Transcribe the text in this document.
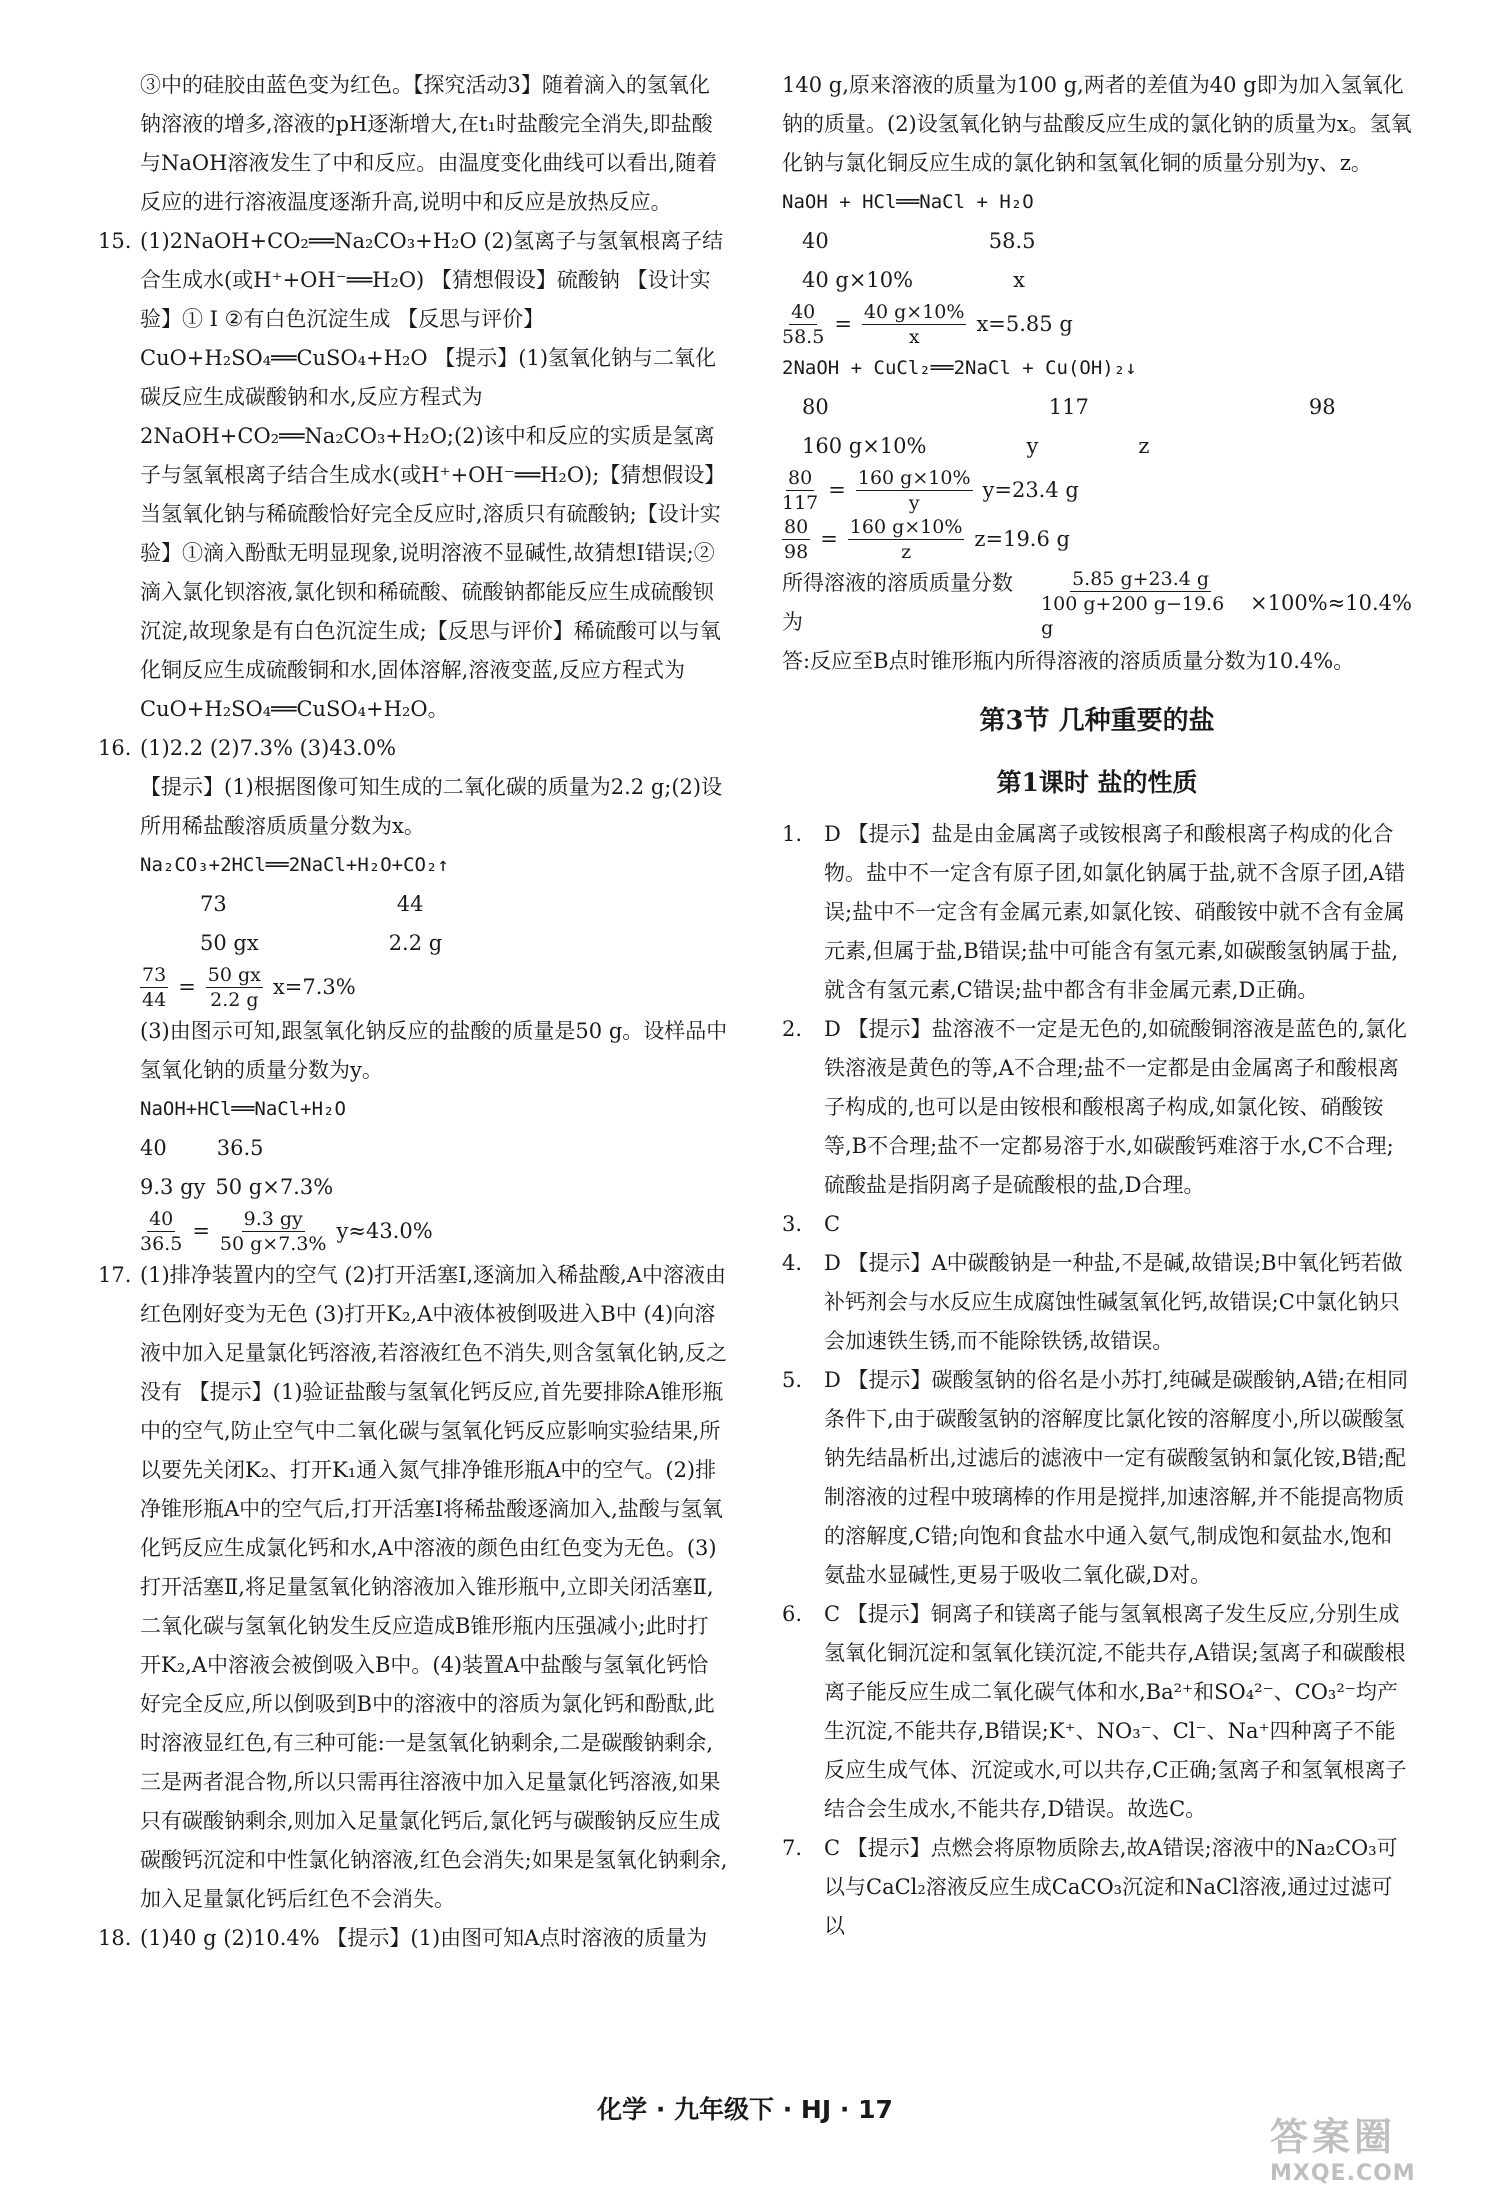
③中的硅胶由蓝色变为红色。【探究活动3】随着滴入的氢氧化钠溶液的增多,溶液的pH逐渐增大,在t₁时盐酸完全消失,即盐酸与NaOH溶液发生了中和反应。由温度变化曲线可以看出,随着反应的进行溶液温度逐渐升高,说明中和反应是放热反应。
15. (1)2NaOH+CO₂══Na₂CO₃+H₂O (2)氢离子与氢氧根离子结合生成水(或H⁺+OH⁻══H₂O) 【猜想假设】硫酸钠 【设计实验】① Ⅰ ②有白色沉淀生成 【反思与评价】CuO+H₂SO₄══CuSO₄+H₂O 【提示】(1)氢氧化钠与二氧化碳反应生成碳酸钠和水,反应方程式为2NaOH+CO₂══Na₂CO₃+H₂O;(2)该中和反应的实质是氢离子与氢氧根离子结合生成水(或H⁺+OH⁻══H₂O);【猜想假设】当氢氧化钠与稀硫酸恰好完全反应时,溶质只有硫酸钠;【设计实验】①滴入酚酞无明显现象,说明溶液不显碱性,故猜想Ⅰ错误;②滴入氯化钡溶液,氯化钡和稀硫酸、硫酸钠都能反应生成硫酸钡沉淀,故现象是有白色沉淀生成;【反思与评价】稀硫酸可以与氧化铜反应生成硫酸铜和水,固体溶解,溶液变蓝,反应方程式为CuO+H₂SO₄══CuSO₄+H₂O。
16. (1)2.2 (2)7.3% (3)43.0%
【提示】(1)根据图像可知生成的二氧化碳的质量为2.2 g;(2)设所用稀盐酸溶质质量分数为x。
Na₂CO₃+2HCl══2NaCl+H₂O+CO₂↑
73	44
50 gx	2.2 g
$\frac{73}{44} = \frac{50 gx}{2.2 g} x=7.3\%$
(3)由图示可知,跟氢氧化钠反应的盐酸的质量是50 g。设样品中氢氧化钠的质量分数为y。
NaOH+HCl══NaCl+H₂O
40 36.5
9.3 gy 50 g×7.3%
$\frac{40}{36.5} = \frac{9.3 gy}{50 g\times 7.3\%} y\approx 43.0\%$
17. (1)排净装置内的空气 (2)打开活塞Ⅰ,逐滴加入稀盐酸,A中溶液由红色刚好变为无色 (3)打开K₂,A中液体被倒吸进入B中 (4)向溶液中加入足量氯化钙溶液,若溶液红色不消失,则含氢氧化钠,反之没有 【提示】(1)验证盐酸与氢氧化钙反应,首先要排除A锥形瓶中的空气,防止空气中二氧化碳与氢氧化钙反应影响实验结果,所以要先关闭K₂、打开K₁通入氮气排净锥形瓶A中的空气。(2)排净锥形瓶A中的空气后,打开活塞Ⅰ将稀盐酸逐滴加入,盐酸与氢氧化钙反应生成氯化钙和水,A中溶液的颜色由红色变为无色。(3)打开活塞Ⅱ,将足量氢氧化钠溶液加入锥形瓶中,立即关闭活塞Ⅱ,二氧化碳与氢氧化钠发生反应造成B锥形瓶内压强减小;此时打开K₂,A中溶液会被倒吸入B中。(4)装置A中盐酸与氢氧化钙恰好完全反应,所以倒吸到B中的溶液中的溶质为氯化钙和酚酞,此时溶液显红色,有三种可能:一是氢氧化钠剩余,二是碳酸钠剩余,三是两者混合物,所以只需再往溶液中加入足量氯化钙溶液,如果只有碳酸钠剩余,则加入足量氯化钙后,氯化钙与碳酸钠反应生成碳酸钙沉淀和中性氯化钠溶液,红色会消失;如果是氢氧化钠剩余,加入足量氯化钙后红色不会消失。
18. (1)40 g (2)10.4% 【提示】(1)由图可知A点时溶液的质量为
140 g,原来溶液的质量为100 g,两者的差值为40 g即为加入氢氧化钠的质量。(2)设氢氧化钠与盐酸反应生成的氯化钠的质量为x。氢氧化钠与氯化铜反应生成的氯化钠和氢氧化铜的质量分别为y、z。
NaOH + HCl══NaCl + H₂O
40	58.5
40 g×10%	x
$\frac{40}{58.5} = \frac{40 g\times 10\%}{x} x=5.85$ g
2NaOH + CuCl₂══2NaCl + Cu(OH)₂↓
80	117	98
160 g×10%	y	z
$\frac{80}{117} = \frac{160 g\times 10\%}{y} y=23.4$ g
$\frac{80}{98} = \frac{160 g\times 10\%}{z} z=19.6$ g
所得溶液的溶质质量分数为	$\frac{5.85 g+23.4 g}{100 g+200 g-19.6 g} \times 100\%\approx 10.4\%$
答:反应至B点时锥形瓶内所得溶液的溶质质量分数为10.4%。
第3节 几种重要的盐
第1课时 盐的性质
1.	D 【提示】盐是由金属离子或铵根离子和酸根离子构成的化合物。盐中不一定含有原子团,如氯化钠属于盐,就不含原子团,A错误;盐中不一定含有金属元素,如氯化铵、硝酸铵中就不含有金属元素,但属于盐,B错误;盐中可能含有氢元素,如碳酸氢钠属于盐,就含有氢元素,C错误;盐中都含有非金属元素,D正确。
2.	D 【提示】盐溶液不一定是无色的,如硫酸铜溶液是蓝色的,氯化铁溶液是黄色的等,A不合理;盐不一定都是由金属离子和酸根离子构成的,也可以是由铵根和酸根离子构成,如氯化铵、硝酸铵等,B不合理;盐不一定都易溶于水,如碳酸钙难溶于水,C不合理;硫酸盐是指阴离子是硫酸根的盐,D合理。
3.	C
4.	D 【提示】A中碳酸钠是一种盐,不是碱,故错误;B中氧化钙若做补钙剂会与水反应生成腐蚀性碱氢氧化钙,故错误;C中氯化钠只会加速铁生锈,而不能除铁锈,故错误。
5.	D 【提示】碳酸氢钠的俗名是小苏打,纯碱是碳酸钠,A错;在相同条件下,由于碳酸氢钠的溶解度比氯化铵的溶解度小,所以碳酸氢钠先结晶析出,过滤后的滤液中一定有碳酸氢钠和氯化铵,B错;配制溶液的过程中玻璃棒的作用是搅拌,加速溶解,并不能提高物质的溶解度,C错;向饱和食盐水中通入氨气,制成饱和氨盐水,饱和氨盐水显碱性,更易于吸收二氧化碳,D对。
6.	C 【提示】铜离子和镁离子能与氢氧根离子发生反应,分别生成氢氧化铜沉淀和氢氧化镁沉淀,不能共存,A错误;氢离子和碳酸根离子能反应生成二氧化碳气体和水,Ba²⁺和SO₄²⁻、CO₃²⁻均产生沉淀,不能共存,B错误;K⁺、NO₃⁻、Cl⁻、Na⁺四种离子不能反应生成气体、沉淀或水,可以共存,C正确;氢离子和氢氧根离子结合会生成水,不能共存,D错误。故选C。
7.	C 【提示】点燃会将原物质除去,故A错误;溶液中的Na₂CO₃可以与CaCl₂溶液反应生成CaCO₃沉淀和NaCl溶液,通过过滤可以
化学 · 九年级下 · HJ · 17
答案圈
MXQE.COM
